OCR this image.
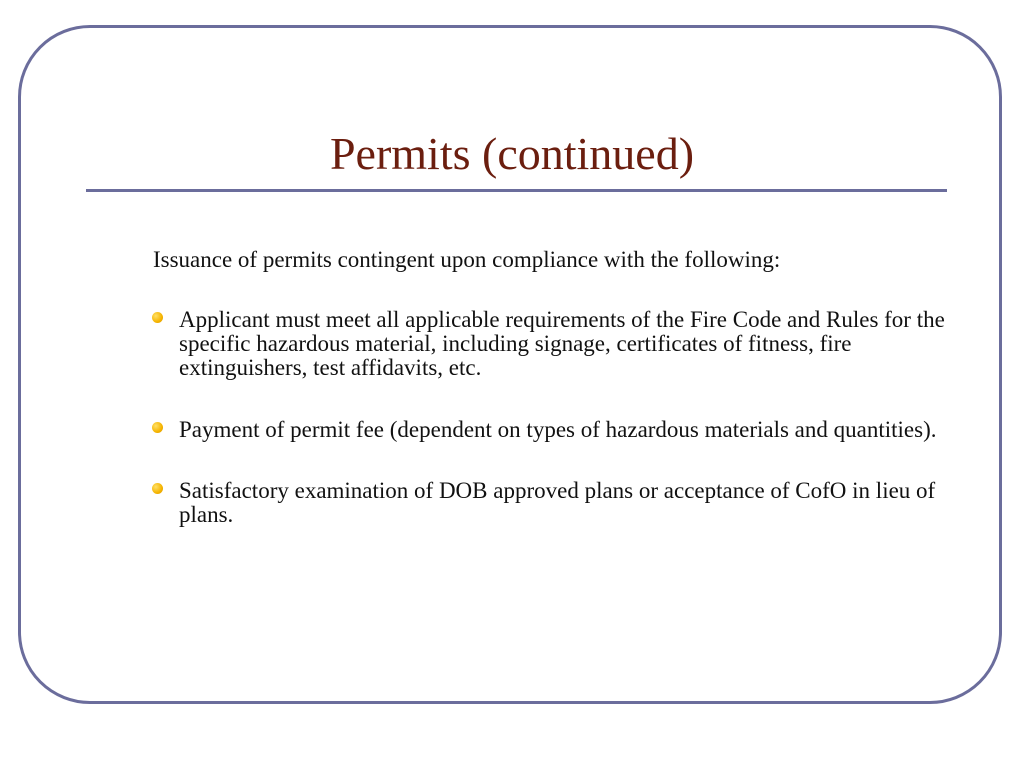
Permits (continued)

Issuance of permits contingent upon compliance with the following:

Applicant must meet all applicable requirements of the Fire Code and Rules for the specific hazardous material, including signage, certificates of fitness, fire extinguishers, test affidavits, etc.
Payment of permit fee (dependent on types of hazardous materials and quantities).
Satisfactory examination of DOB approved plans or acceptance of CofO in lieu of plans.
